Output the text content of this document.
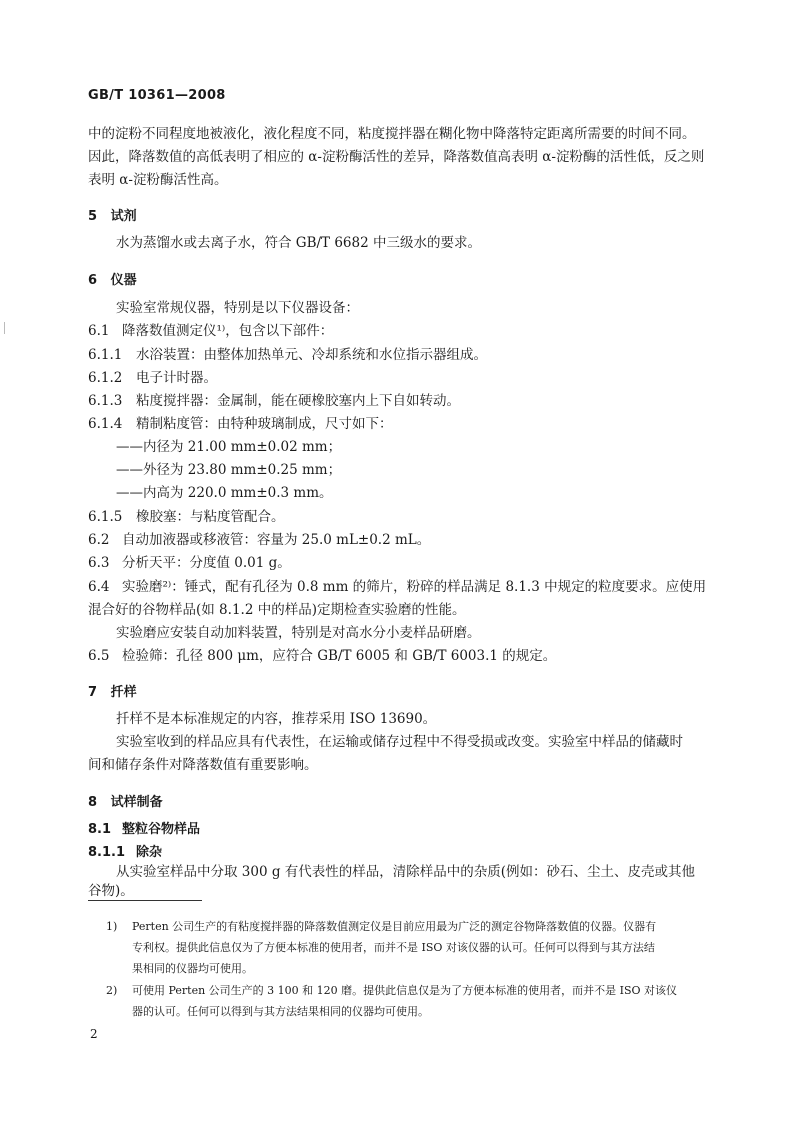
GB/T 10361—2008
中的淀粉不同程度地被液化，液化程度不同，粘度搅拌器在糊化物中降落特定距离所需要的时间不同。
因此，降落数值的高低表明了相应的 α-淀粉酶活性的差异，降落数值高表明 α-淀粉酶的活性低，反之则
表明 α-淀粉酶活性高。
5 试剂
水为蒸馏水或去离子水，符合 GB/T 6682 中三级水的要求。
6 仪器
实验室常规仪器，特别是以下仪器设备：
6.1 降落数值测定仪¹⁾，包含以下部件：
6.1.1 水浴装置：由整体加热单元、冷却系统和水位指示器组成。
6.1.2 电子计时器。
6.1.3 粘度搅拌器：金属制，能在硬橡胶塞内上下自如转动。
6.1.4 精制粘度管：由特种玻璃制成，尺寸如下：
——内径为 21.00 mm±0.02 mm；
——外径为 23.80 mm±0.25 mm；
——内高为 220.0 mm±0.3 mm。
6.1.5 橡胶塞：与粘度管配合。
6.2 自动加液器或移液管：容量为 25.0 mL±0.2 mL。
6.3 分析天平：分度值 0.01 g。
6.4 实验磨²⁾：锤式，配有孔径为 0.8 mm 的筛片，粉碎的样品满足 8.1.3 中规定的粒度要求。应使用
混合好的谷物样品(如 8.1.2 中的样品)定期检查实验磨的性能。
实验磨应安装自动加料装置，特别是对高水分小麦样品研磨。
6.5 检验筛：孔径 800 μm，应符合 GB/T 6005 和 GB/T 6003.1 的规定。
7 扦样
扦样不是本标准规定的内容，推荐采用 ISO 13690。
实验室收到的样品应具有代表性，在运输或储存过程中不得受损或改变。实验室中样品的储藏时
间和储存条件对降落数值有重要影响。
8 试样制备
8.1 整粒谷物样品
8.1.1 除杂
从实验室样品中分取 300 g 有代表性的样品，清除样品中的杂质(例如：砂石、尘土、皮壳或其他
谷物)。
1) Perten 公司生产的有粘度搅拌器的降落数值测定仪是目前应用最为广泛的测定谷物降落数值的仪器。仪器有
专利权。提供此信息仅为了方便本标准的使用者，而并不是 ISO 对该仪器的认可。任何可以得到与其方法结
果相同的仪器均可使用。
2) 可使用 Perten 公司生产的 3 100 和 120 磨。提供此信息仅是为了方便本标准的使用者，而并不是 ISO 对该仪
器的认可。任何可以得到与其方法结果相同的仪器均可使用。
2
